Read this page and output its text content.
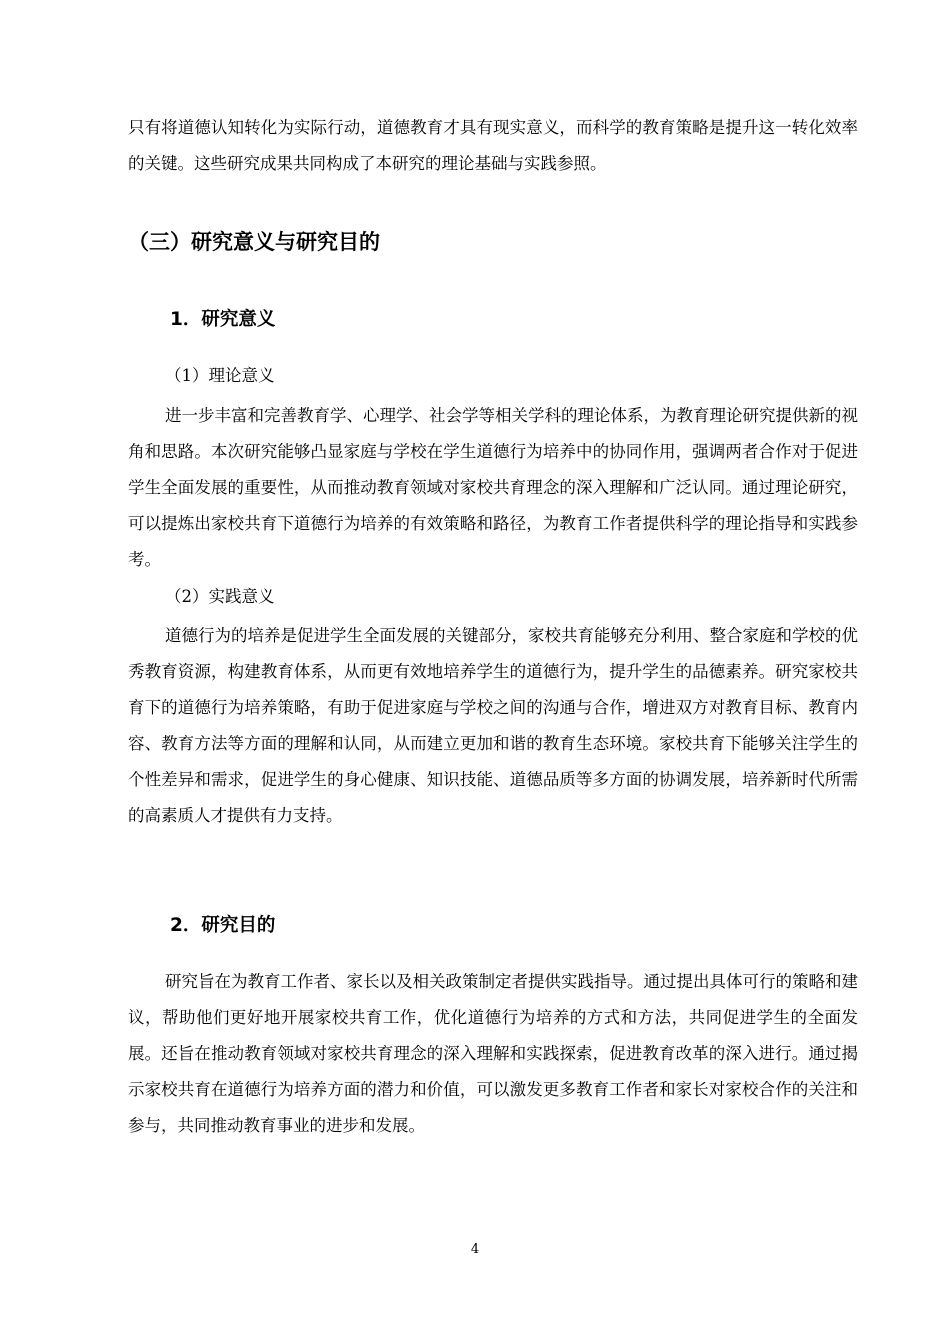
只有将道德认知转化为实际行动，道德教育才具有现实意义，而科学的教育策略是提升这一转化效率的关键。这些研究成果共同构成了本研究的理论基础与实践参照。

（三）研究意义与研究目的
1．研究意义
（1）理论意义

进一步丰富和完善教育学、心理学、社会学等相关学科的理论体系，为教育理论研究提供新的视角和思路。本次研究能够凸显家庭与学校在学生道德行为培养中的协同作用，强调两者合作对于促进学生全面发展的重要性，从而推动教育领域对家校共育理念的深入理解和广泛认同。通过理论研究，可以提炼出家校共育下道德行为培养的有效策略和路径，为教育工作者提供科学的理论指导和实践参考。

（2）实践意义

道德行为的培养是促进学生全面发展的关键部分，家校共育能够充分利用、整合家庭和学校的优秀教育资源，构建教育体系，从而更有效地培养学生的道德行为，提升学生的品德素养。研究家校共育下的道德行为培养策略，有助于促进家庭与学校之间的沟通与合作，增进双方对教育目标、教育内容、教育方法等方面的理解和认同，从而建立更加和谐的教育生态环境。家校共育下能够关注学生的个性差异和需求，促进学生的身心健康、知识技能、道德品质等多方面的协调发展，培养新时代所需的高素质人才提供有力支持。

2．研究目的

研究旨在为教育工作者、家长以及相关政策制定者提供实践指导。通过提出具体可行的策略和建议，帮助他们更好地开展家校共育工作，优化道德行为培养的方式和方法，共同促进学生的全面发展。还旨在推动教育领域对家校共育理念的深入理解和实践探索，促进教育改革的深入进行。通过揭示家校共育在道德行为培养方面的潜力和价值，可以激发更多教育工作者和家长对家校合作的关注和参与，共同推动教育事业的进步和发展。

4
